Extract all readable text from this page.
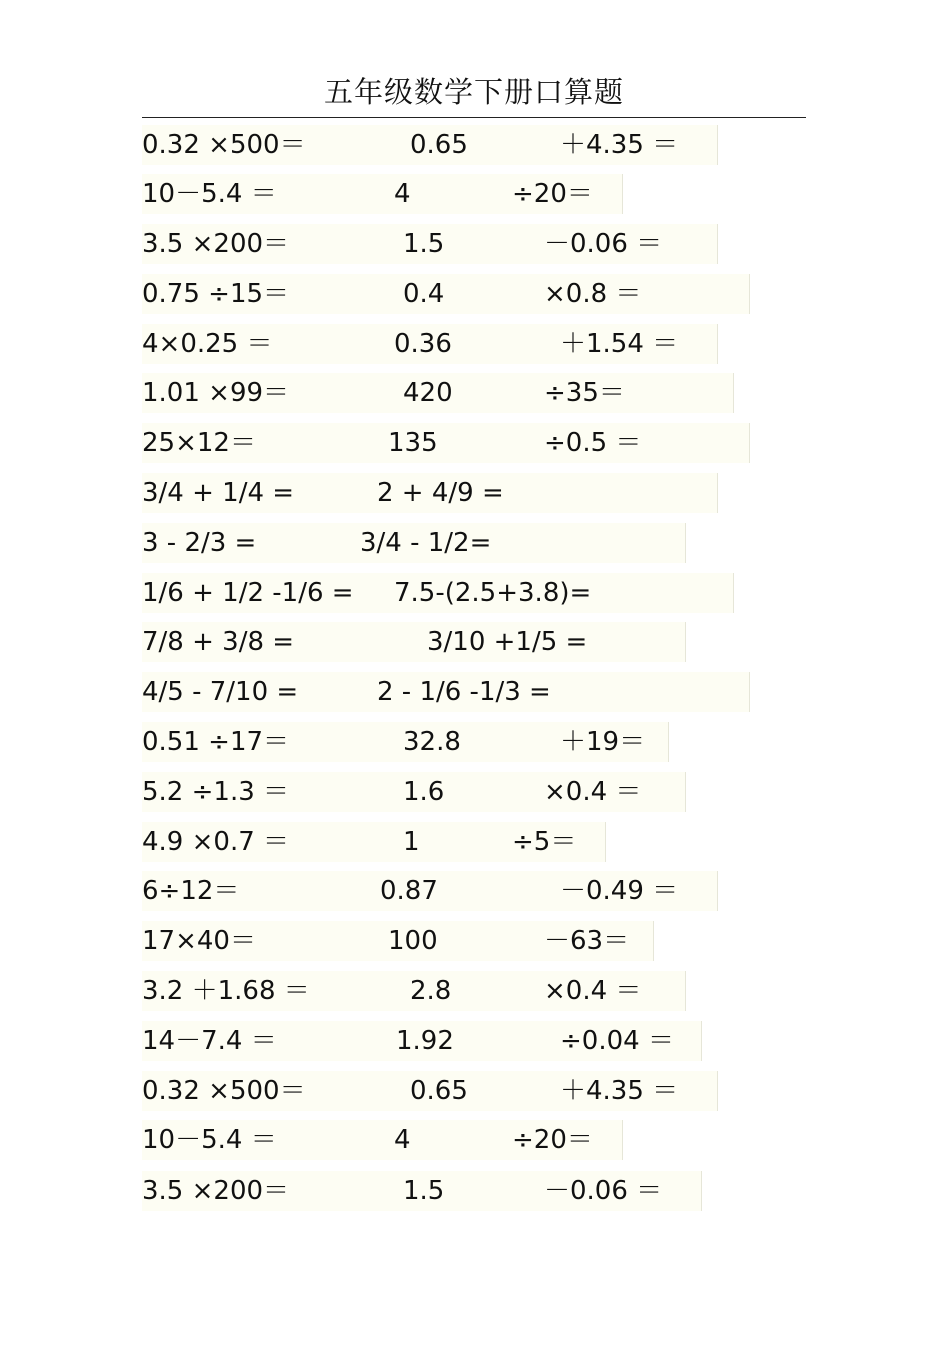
五年级数学下册口算题
0.32 ×500＝	0.65	＋4.35 ＝
10－5.4 ＝	4	÷20＝
3.5 ×200＝	1.5	－0.06 ＝
0.75 ÷15＝	0.4	×0.8 ＝
4×0.25 ＝	0.36	＋1.54 ＝
1.01 ×99＝	420	÷35＝
25×12＝	135	÷0.5 ＝
3/4 + 1/4 =	2 + 4/9 =
3 - 2/3 =	3/4 - 1/2=
1/6 + 1/2 -1/6 = 7.5-(2.5+3.8)=
7/8 + 3/8 =	3/10 +1/5 =
4/5 - 7/10 =	2 - 1/6 -1/3 =
0.51 ÷17＝	32.8	＋19＝
5.2 ÷1.3 ＝	1.6	×0.4 ＝
4.9 ×0.7 ＝	1	÷5＝
6÷12＝	0.87	－0.49 ＝
17×40＝	100	－63＝
3.2 ＋1.68 ＝	2.8	×0.4 ＝
14－7.4 ＝	1.92	÷0.04 ＝
0.32 ×500＝	0.65	＋4.35 ＝
10－5.4 ＝	4	÷20＝
3.5 ×200＝	1.5	－0.06 ＝
